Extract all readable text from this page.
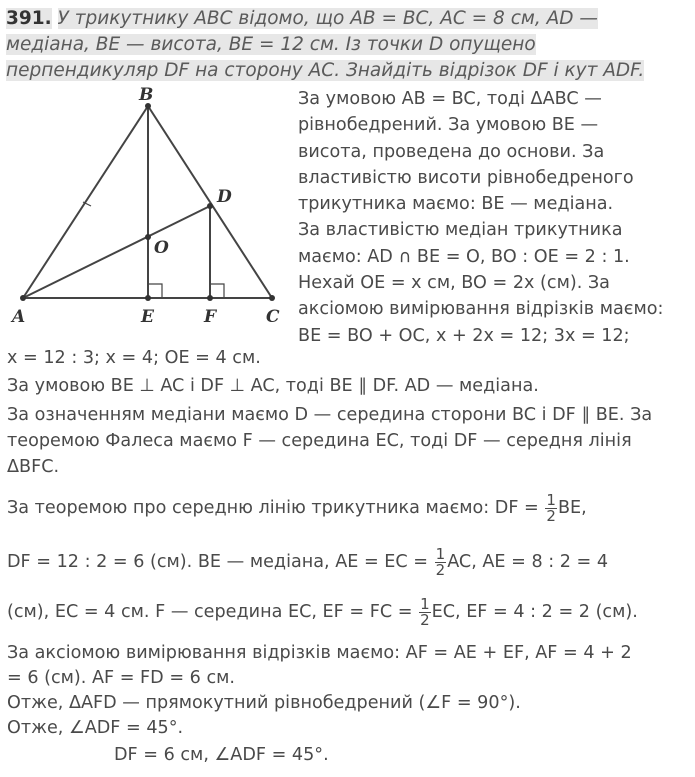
391. У трикутнику ABC відомо, що AB = BC, AC = 8 см, AD —
медіана, BE — висота, BE = 12 см. Із точки D опущено
перпендикуляр DF на сторону AC. Знайдіть відрізок DF і кут ADF.
B
A	E	F	C
D
O
За умовою AB = BC, тоді ΔABC —
рівнобедрений. За умовою BE —
висота, проведена до основи. За
властивістю висоти рівнобедреного
трикутника маємо: BE — медіана.
За властивістю медіан трикутника
маємо: AD ∩ BE = O, BO : OE = 2 : 1.
Нехай OE = x см, BO = 2x (см). За
аксіомою вимірювання відрізків маємо:
BE = BO + OC, x + 2x = 12; 3x = 12;
x = 12 : 3; x = 4; OE = 4 см.
За умовою BE ⊥ AC і DF ⊥ AC, тоді BE ∥ DF. AD — медіана.
За означенням медіани маємо D — середина сторони BC і DF ∥ BE. За
теоремою Фалеса маємо F — середина EC, тоді DF — середня лінія
ΔBFC.
За теоремою про середню лінію трикутника маємо: DF = $\frac{1}{2}$ BE,
DF = 12 : 2 = 6 (см). BE — медіана, AE = EC = $\frac{1}{2}$ AC, AE = 8 : 2 = 4
(см), EC = 4 см. F — середина EC, EF = FC = $\frac{1}{2}$ EC, EF = 4 : 2 = 2 (см).
За аксіомою вимірювання відрізків маємо: AF = AE + EF, AF = 4 + 2
= 6 (см). AF = FD = 6 см.
Отже, ΔAFD — прямокутний рівнобедрений (∠F = 90°).
Отже, ∠ADF = 45°.
DF = 6 см, ∠ADF = 45°.
